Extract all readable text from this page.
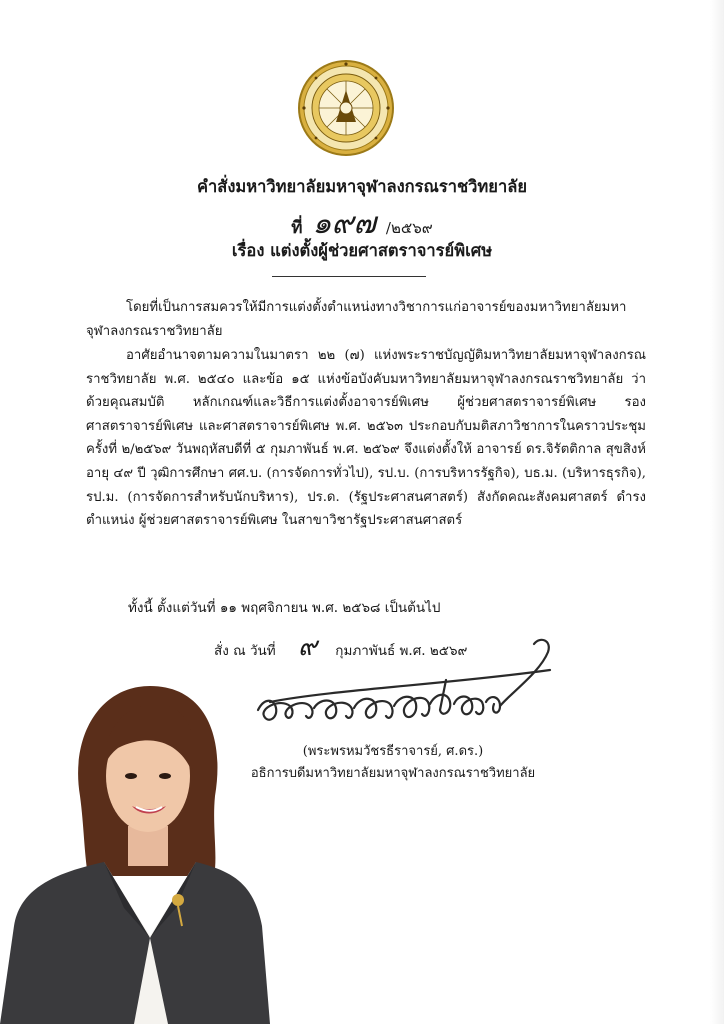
คำสั่งมหาวิทยาลัยมหาจุฬาลงกรณราชวิทยาลัย
ที่ ๑๙๗ /๒๕๖๙
เรื่อง แต่งตั้งผู้ช่วยศาสตราจารย์พิเศษ
โดยที่เป็นการสมควรให้มีการแต่งตั้งตำแหน่งทางวิชาการแก่อาจารย์ของมหาวิทยาลัยมหาจุฬาลงกรณราชวิทยาลัย
อาศัยอำนาจตามความในมาตรา ๒๒ (๗) แห่งพระราชบัญญัติมหาวิทยาลัยมหาจุฬาลงกรณราชวิทยาลัย พ.ศ. ๒๕๔๐ และข้อ ๑๕ แห่งข้อบังคับมหาวิทยาลัยมหาจุฬาลงกรณราชวิทยาลัย ว่าด้วยคุณสมบัติ หลักเกณฑ์และวิธีการแต่งตั้งอาจารย์พิเศษ ผู้ช่วยศาสตราจารย์พิเศษ รองศาสตราจารย์พิเศษ และศาสตราจารย์พิเศษ พ.ศ. ๒๕๖๓ ประกอบกับมติสภาวิชาการในคราวประชุมครั้งที่ ๒/๒๕๖๙ วันพฤหัสบดีที่ ๕ กุมภาพันธ์ พ.ศ. ๒๕๖๙ จึงแต่งตั้งให้ อาจารย์ ดร.จิรัตติกาล สุขสิงห์ อายุ ๔๙ ปี วุฒิการศึกษา ศศ.บ. (การจัดการทั่วไป), รป.บ. (การบริหารรัฐกิจ), บธ.ม. (บริหารธุรกิจ), รป.ม. (การจัดการสำหรับนักบริหาร), ปร.ด. (รัฐประศาสนศาสตร์) สังกัดคณะสังคมศาสตร์ ดำรงตำแหน่ง ผู้ช่วยศาสตราจารย์พิเศษ ในสาขาวิชารัฐประศาสนศาสตร์
ทั้งนี้ ตั้งแต่วันที่ ๑๑ พฤศจิกายน พ.ศ. ๒๕๖๘ เป็นต้นไป
สั่ง ณ วันที่ ๙ กุมภาพันธ์ พ.ศ. ๒๕๖๙
(พระพรหมวัชรธีราจารย์, ศ.ดร.)
อธิการบดีมหาวิทยาลัยมหาจุฬาลงกรณราชวิทยาลัย
